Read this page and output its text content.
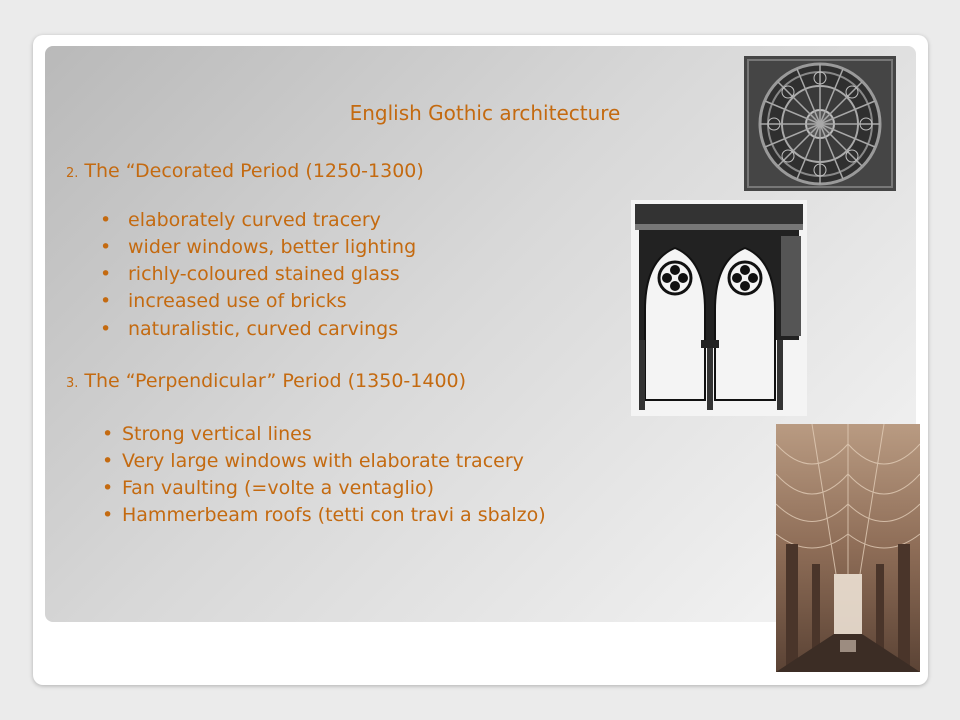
English Gothic architecture
2. The “Decorated Period (1250-1300)
• elaborately curved tracery
• wider windows, better lighting
• richly-coloured stained glass
• increased use of bricks
• naturalistic, curved carvings
3. The “Perpendicular” Period (1350-1400)
• Strong vertical lines
• Very large windows with elaborate tracery
• Fan vaulting (=volte a ventaglio)
• Hammerbeam roofs (tetti con travi a sbalzo)
